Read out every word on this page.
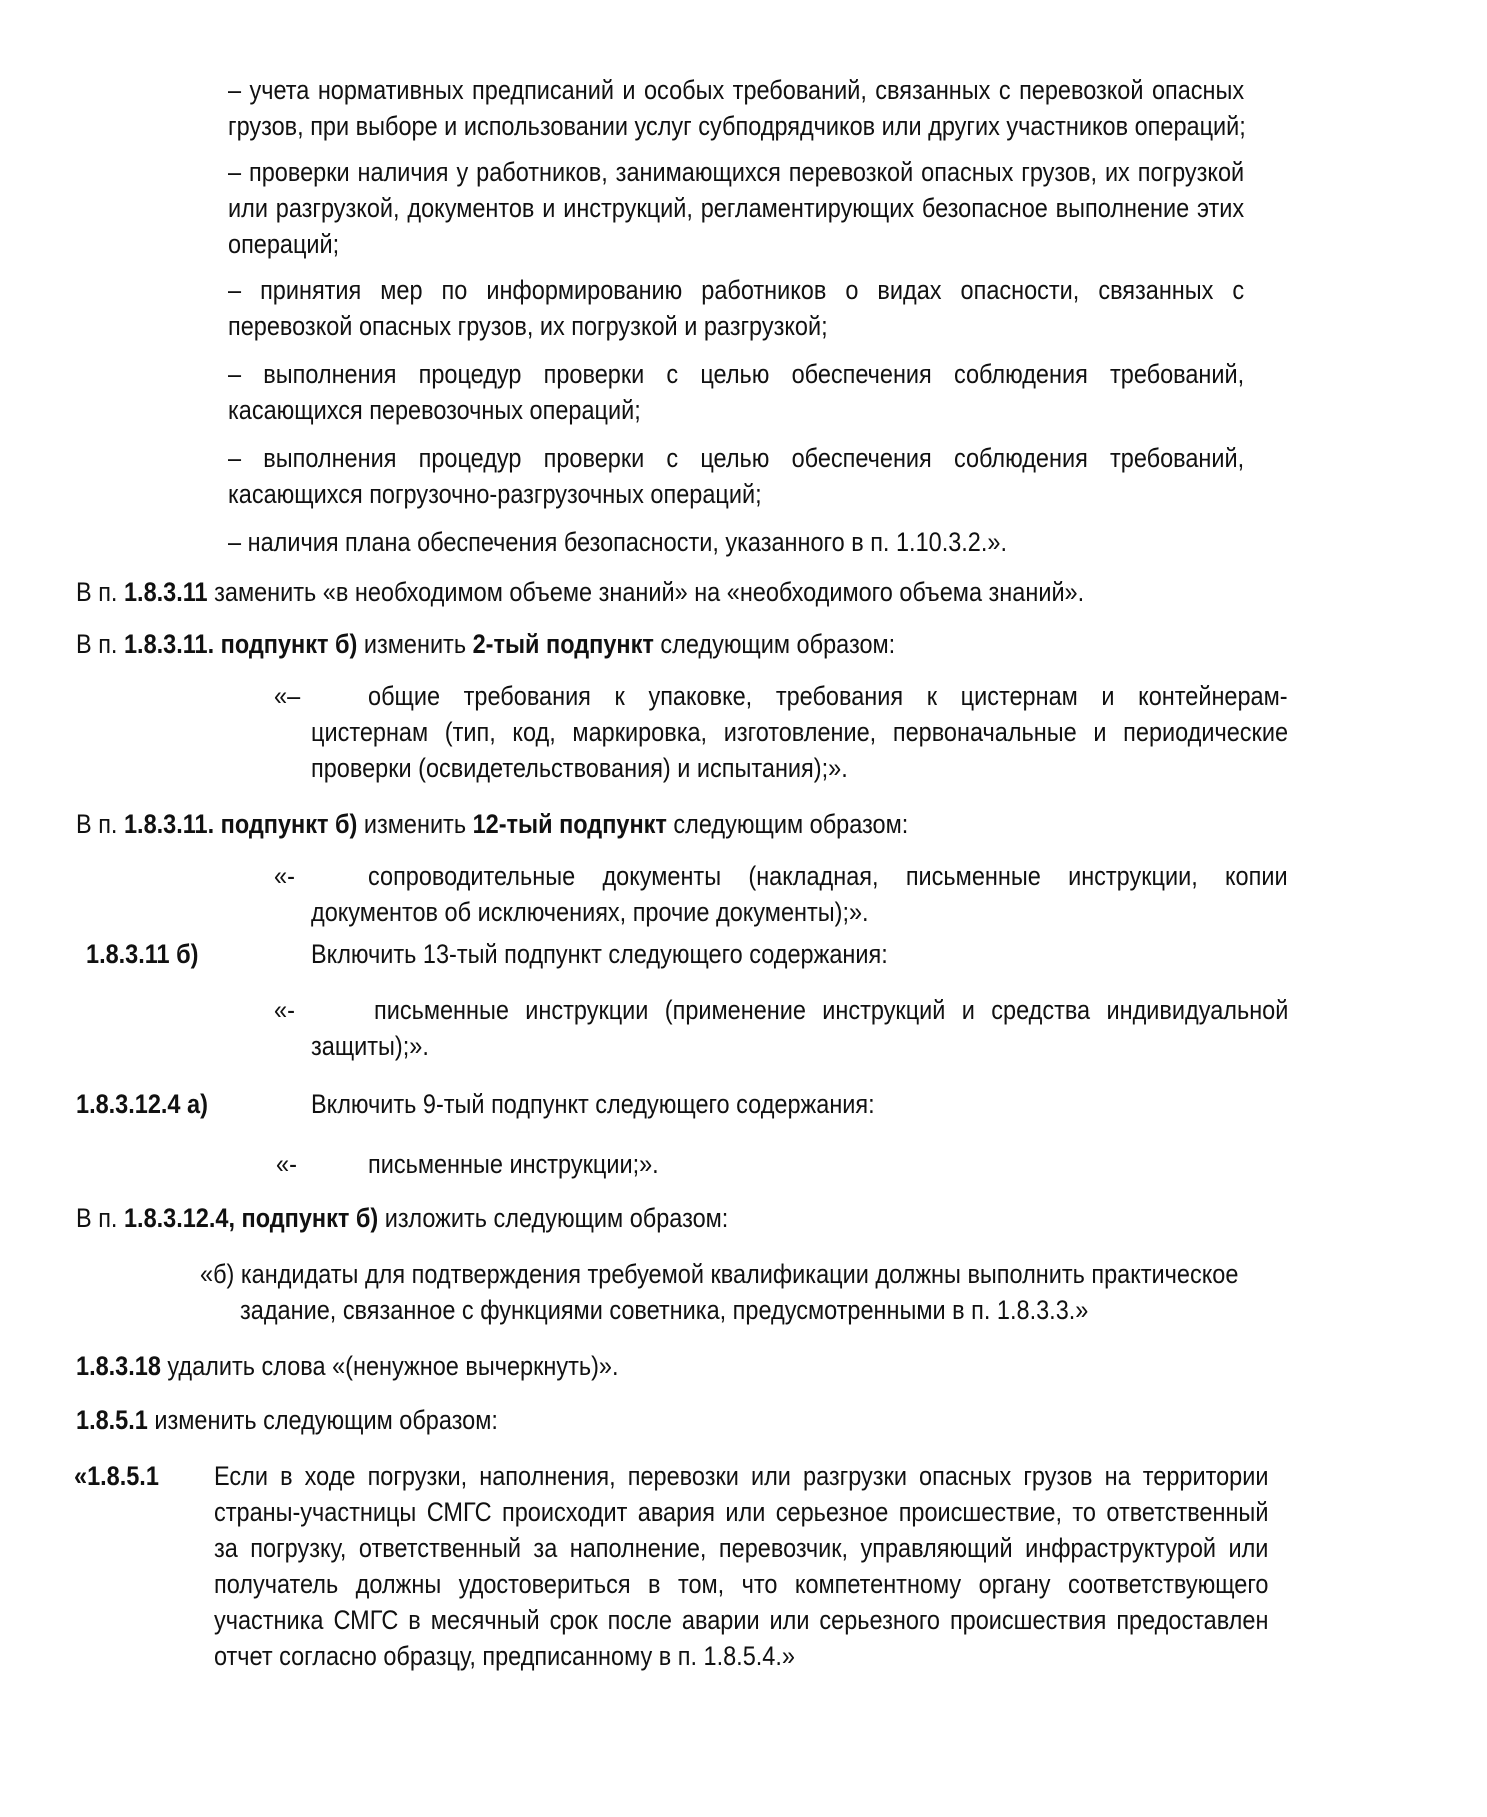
– учета нормативных предписаний и особых требований, связанных с перевозкой опасных
грузов, при выборе и использовании услуг субподрядчиков или других участников операций;
– проверки наличия у работников, занимающихся перевозкой опасных грузов, их погрузкой
или разгрузкой, документов и инструкций, регламентирующих безопасное выполнение этих
операций;
– принятия мер по информированию работников о видах опасности, связанных с
перевозкой опасных грузов, их погрузкой и разгрузкой;
– выполнения процедур проверки с целью обеспечения соблюдения требований,
касающихся перевозочных операций;
– выполнения процедур проверки с целью обеспечения соблюдения требований,
касающихся погрузочно-разгрузочных операций;
– наличия плана обеспечения безопасности, указанного в п. 1.10.3.2.».
В п. 1.8.3.11 заменить «в необходимом объеме знаний» на «необходимого объема знаний».
В п. 1.8.3.11. подпункт б) изменить 2-тый подпункт следующим образом:
«–	общие требования к упаковке, требования к цистернам и контейнерам-
цистернам (тип, код, маркировка, изготовление, первоначальные и периодические
проверки (освидетельствования) и испытания);».
В п. 1.8.3.11. подпункт б) изменить 12-тый подпункт следующим образом:
«-	сопроводительные документы (накладная, письменные инструкции, копии
документов об исключениях, прочие документы);».
1.8.3.11 б)	Включить 13-тый подпункт следующего содержания:
«-	письменные инструкции (применение инструкций и средства индивидуальной
защиты);».
1.8.3.12.4 а)	Включить 9-тый подпункт следующего содержания:
«-	письменные инструкции;».
В п. 1.8.3.12.4, подпункт б) изложить следующим образом:
«б) кандидаты для подтверждения требуемой квалификации должны выполнить практическое
задание, связанное с функциями советника, предусмотренными в п. 1.8.3.3.»
1.8.3.18 удалить слова «(ненужное вычеркнуть)».
1.8.5.1 изменить следующим образом:
«1.8.5.1 Если в ходе погрузки, наполнения, перевозки или разгрузки опасных грузов на территории
страны-участницы СМГС происходит авария или серьезное происшествие, то ответственный
за погрузку, ответственный за наполнение, перевозчик, управляющий инфраструктурой или
получатель должны удостовериться в том, что компетентному органу соответствующего
участника СМГС в месячный срок после аварии или серьезного происшествия предоставлен
отчет согласно образцу, предписанному в п. 1.8.5.4.»
